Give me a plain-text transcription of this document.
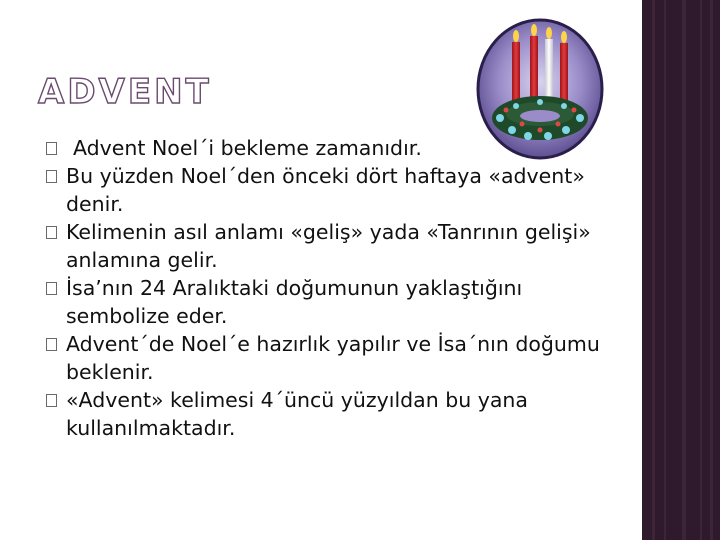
ADVENT
Advent Noel´i bekleme zamanıdır.
Bu yüzden Noel´den önceki dört haftaya «advent» denir.
Kelimenin asıl anlamı «geliş» yada «Tanrının gelişi» anlamına gelir.
İsa’nın 24 Aralıktaki doğumunun yaklaştığını sembolize eder.
Advent´de Noel´e hazırlık yapılır ve İsa´nın doğumu beklenir.
«Advent» kelimesi 4´üncü yüzyıldan bu yana kullanılmaktadır.
